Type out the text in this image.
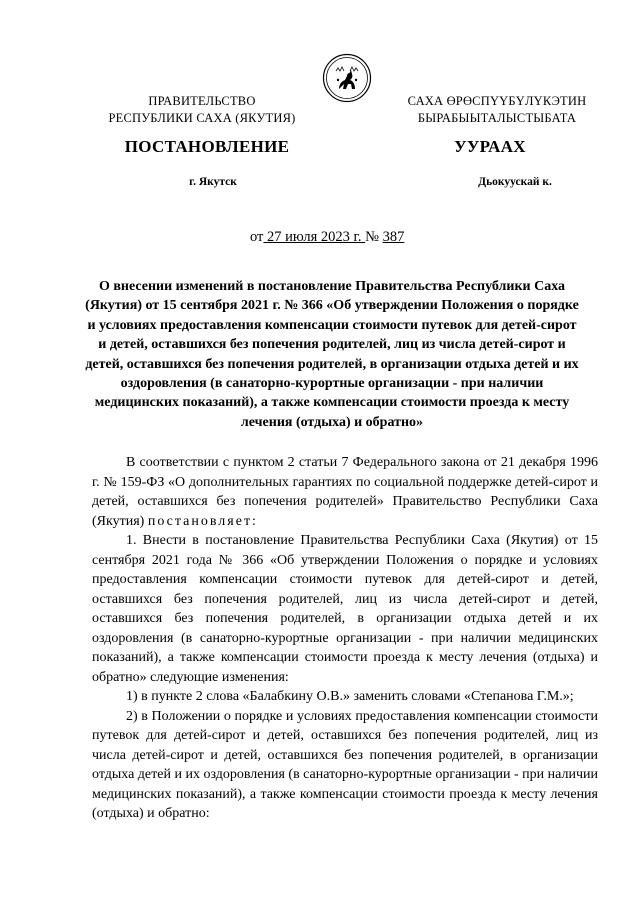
ПРАВИТЕЛЬСТВО
РЕСПУБЛИКИ САХА (ЯКУТИЯ)
САХА ӨРӨСПҮҮБҮЛҮКЭТИН
БЫРАБЫЫТАЛЫСТЫБАТА
ПОСТАНОВЛЕНИЕ	УУРААХ
г. Якутск	Дьокуускай к.
от 27 июля 2023 г. № 387
О внесении изменений в постановление Правительства Республики Саха (Якутия) от 15 сентября 2021 г. № 366 «Об утверждении Положения о порядке и условиях предоставления компенсации стоимости путевок для детей-сирот и детей, оставшихся без попечения родителей, лиц из числа детей-сирот и детей, оставшихся без попечения родителей, в организации отдыха детей и их оздоровления (в санаторно-курортные организации - при наличии медицинских показаний), а также компенсации стоимости проезда к месту лечения (отдыха) и обратно»

В соответствии с пунктом 2 статьи 7 Федерального закона от 21 декабря 1996 г. № 159-ФЗ «О дополнительных гарантиях по социальной поддержке детей-сирот и детей, оставшихся без попечения родителей» Правительство Республики Саха (Якутия) постановляет:

1. Внести в постановление Правительства Республики Саха (Якутия) от 15 сентября 2021 года № 366 «Об утверждении Положения о порядке и условиях предоставления компенсации стоимости путевок для детей-сирот и детей, оставшихся без попечения родителей, лиц из числа детей-сирот и детей, оставшихся без попечения родителей, в организации отдыха детей и их оздоровления (в санаторно-курортные организации - при наличии медицинских показаний), а также компенсации стоимости проезда к месту лечения (отдыха) и обратно» следующие изменения:

1) в пункте 2 слова «Балабкину О.В.» заменить словами «Степанова Г.М.»;

2) в Положении о порядке и условиях предоставления компенсации стоимости путевок для детей-сирот и детей, оставшихся без попечения родителей, лиц из числа детей-сирот и детей, оставшихся без попечения родителей, в организации отдыха детей и их оздоровления (в санаторно-курортные организации - при наличии медицинских показаний), а также компенсации стоимости проезда к месту лечения (отдыха) и обратно:
